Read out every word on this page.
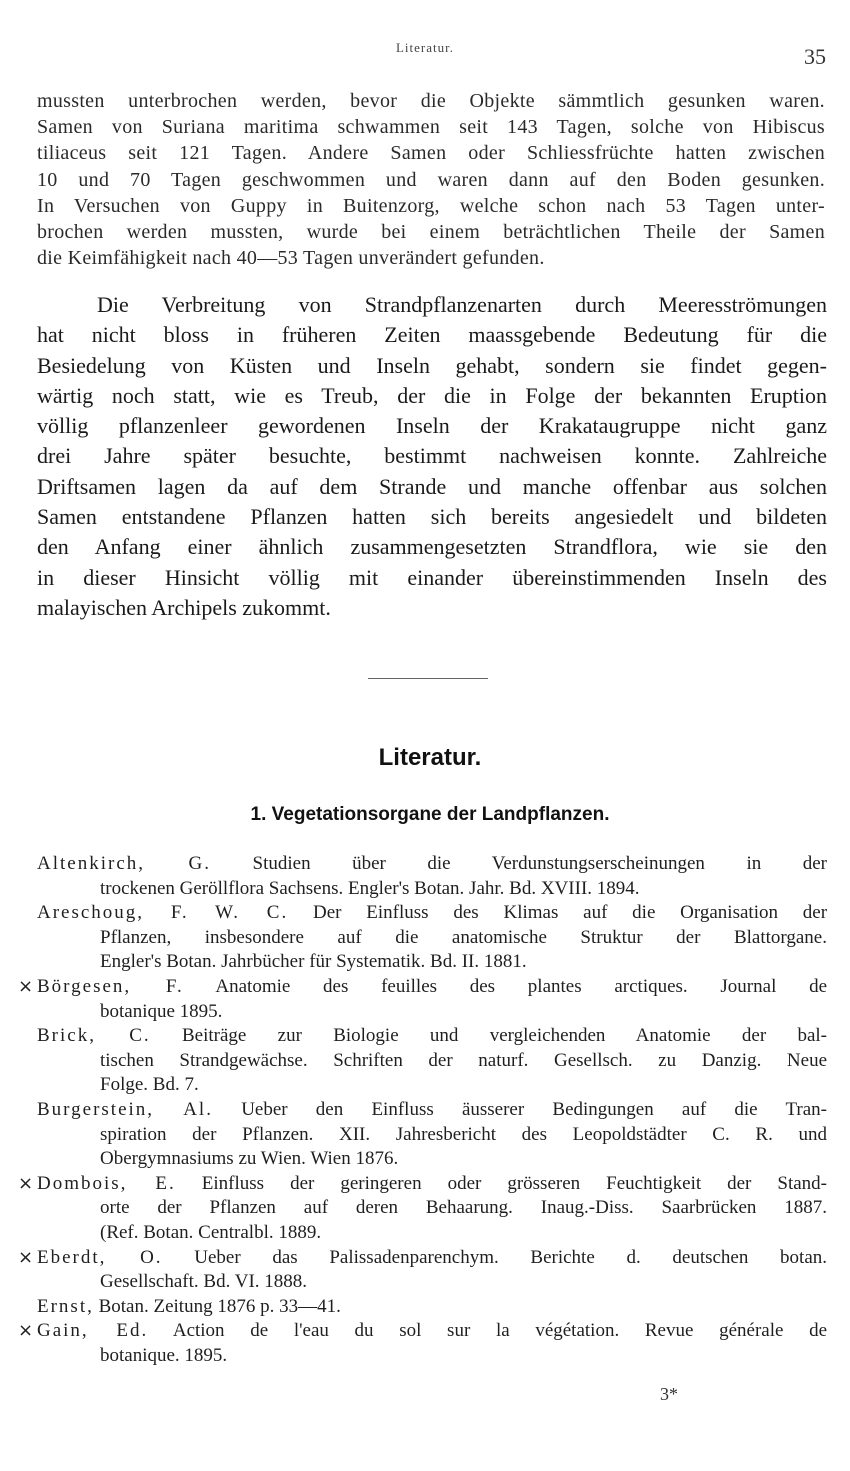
Literatur.	35
mussten unterbrochen werden, bevor die Objekte sämmtlich gesunken waren.
Samen von Suriana maritima schwammen seit 143 Tagen, solche von Hibiscus
tiliaceus seit 121 Tagen. Andere Samen oder Schliessfrüchte hatten zwischen
10 und 70 Tagen geschwommen und waren dann auf den Boden gesunken.
In Versuchen von Guppy in Buitenzorg, welche schon nach 53 Tagen unter-
brochen werden mussten, wurde bei einem beträchtlichen Theile der Samen
die Keimfähigkeit nach 40—53 Tagen unverändert gefunden.
Die Verbreitung von Strandpflanzenarten durch Meeresströmungen
hat nicht bloss in früheren Zeiten maassgebende Bedeutung für die
Besiedelung von Küsten und Inseln gehabt, sondern sie findet gegen-
wärtig noch statt, wie es Treub, der die in Folge der bekannten Eruption
völlig pflanzenleer gewordenen Inseln der Krakataugruppe nicht ganz
drei Jahre später besuchte, bestimmt nachweisen konnte. Zahlreiche
Driftsamen lagen da auf dem Strande und manche offenbar aus solchen
Samen entstandene Pflanzen hatten sich bereits angesiedelt und bildeten
den Anfang einer ähnlich zusammengesetzten Strandflora, wie sie den
in dieser Hinsicht völlig mit einander übereinstimmenden Inseln des
malayischen Archipels zukommt.
Literatur.
1. Vegetationsorgane der Landpflanzen.
Altenkirch, G. Studien über die Verdunstungserscheinungen in der
trockenen Geröllflora Sachsens. Engler's Botan. Jahr. Bd. XVIII. 1894.
Areschoug, F. W. C. Der Einfluss des Klimas auf die Organisation der
Pflanzen, insbesondere auf die anatomische Struktur der Blattorgane.
Engler's Botan. Jahrbücher für Systematik. Bd. II. 1881.
× Börgesen, F. Anatomie des feuilles des plantes arctiques. Journal de
botanique 1895.
Brick, C. Beiträge zur Biologie und vergleichenden Anatomie der bal-
tischen Strandgewächse. Schriften der naturf. Gesellsch. zu Danzig. Neue
Folge. Bd. 7.
Burgerstein, Al. Ueber den Einfluss äusserer Bedingungen auf die Tran-
spiration der Pflanzen. XII. Jahresbericht des Leopoldstädter C. R. und
Obergymnasiums zu Wien. Wien 1876.
× Dombois, E. Einfluss der geringeren oder grösseren Feuchtigkeit der Stand-
orte der Pflanzen auf deren Behaarung. Inaug.-Diss. Saarbrücken 1887.
(Ref. Botan. Centralbl. 1889.
× Eberdt, O. Ueber das Palissadenparenchym. Berichte d. deutschen botan.
Gesellschaft. Bd. VI. 1888.
Ernst, Botan. Zeitung 1876 p. 33—41.
× Gain, Ed. Action de l'eau du sol sur la végétation. Revue générale de
botanique. 1895.
3*
